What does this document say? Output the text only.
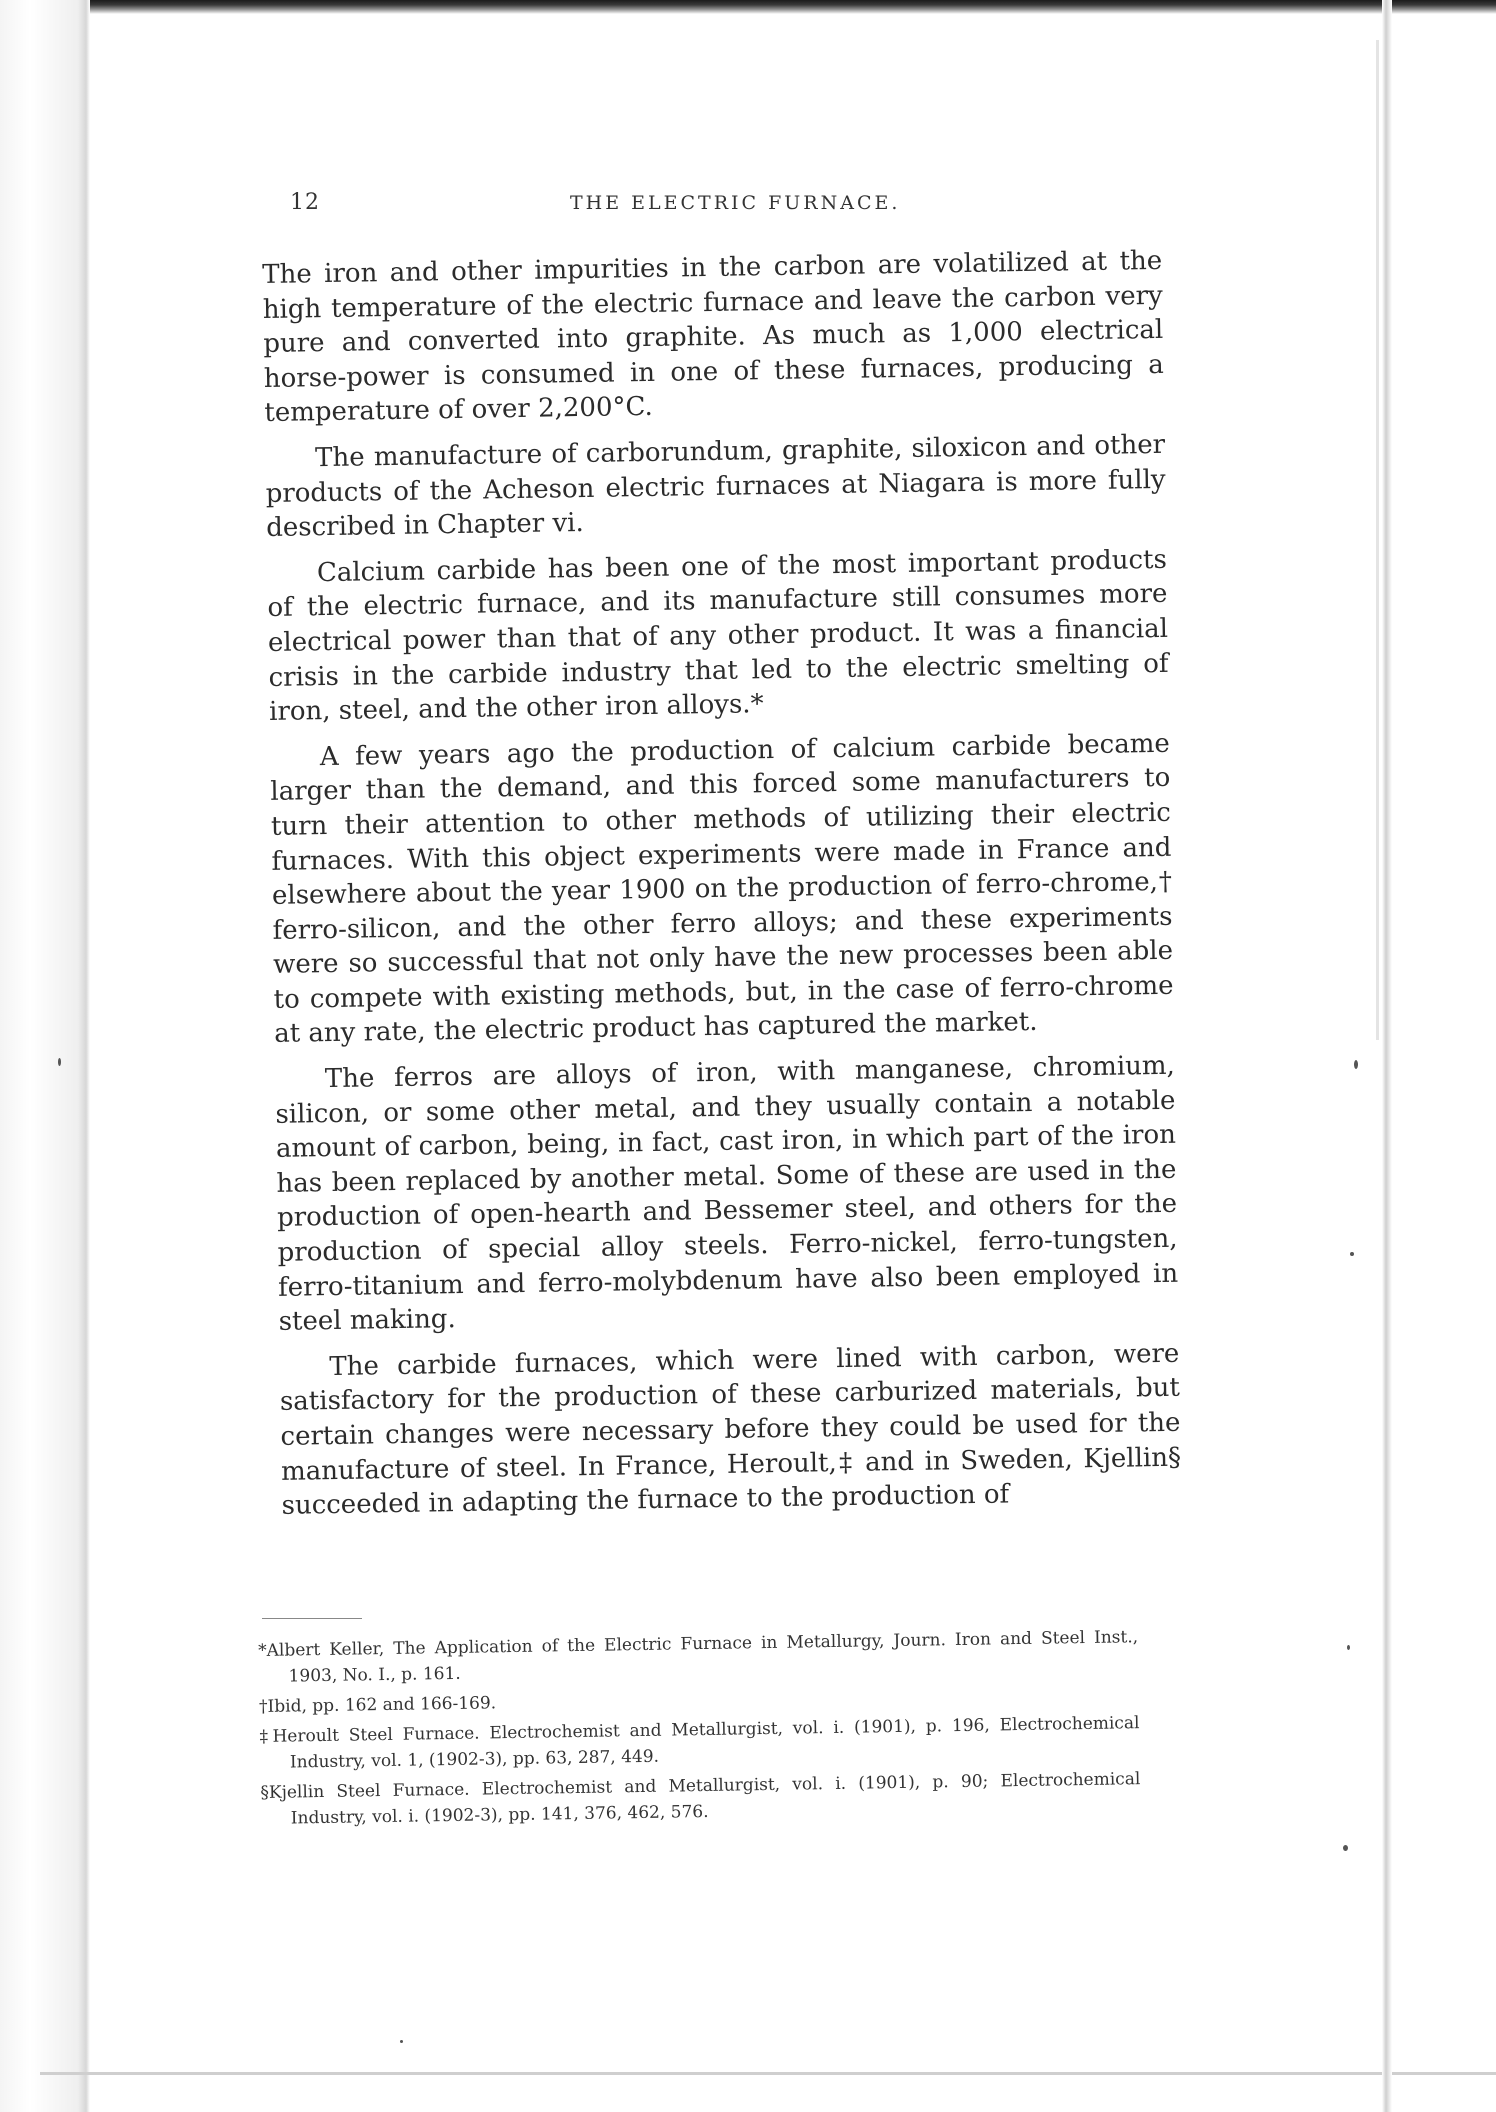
12	THE ELECTRIC FURNACE.

The iron and other impurities in the carbon are volatilized at the high temperature of the electric furnace and leave the carbon very pure and converted into graphite. As much as 1,000 electrical horse-power is consumed in one of these furnaces, producing a temperature of over 2,200°C.

The manufacture of carborundum, graphite, siloxicon and other products of the Acheson electric furnaces at Niagara is more fully described in Chapter vi.

Calcium carbide has been one of the most important products of the electric furnace, and its manufacture still consumes more electrical power than that of any other product. It was a financial crisis in the carbide industry that led to the electric smelting of iron, steel, and the other iron alloys.*

A few years ago the production of calcium carbide became larger than the demand, and this forced some manufacturers to turn their attention to other methods of utilizing their electric furnaces. With this object experiments were made in France and elsewhere about the year 1900 on the production of ferro-chrome,† ferro-silicon, and the other ferro alloys; and these experiments were so successful that not only have the new processes been able to compete with existing methods, but, in the case of ferro-chrome at any rate, the electric product has captured the market.

The ferros are alloys of iron, with manganese, chromium, silicon, or some other metal, and they usually contain a notable amount of carbon, being, in fact, cast iron, in which part of the iron has been replaced by another metal. Some of these are used in the production of open-hearth and Bessemer steel, and others for the production of special alloy steels. Ferro-nickel, ferro-tungsten, ferro-titanium and ferro-molybdenum have also been employed in steel making.

The carbide furnaces, which were lined with carbon, were satisfactory for the production of these carburized materials, but certain changes were necessary before they could be used for the manufacture of steel. In France, Heroult,‡ and in Sweden, Kjellin§ succeeded in adapting the furnace to the production of

*Albert Keller, The Application of the Electric Furnace in Metallurgy, Journ. Iron and Steel Inst., 1903, No. I., p. 161.

†Ibid, pp. 162 and 166-169.

‡Heroult Steel Furnace. Electrochemist and Metallurgist, vol. i. (1901), p. 196, Electrochemical Industry, vol. 1, (1902-3), pp. 63, 287, 449.

§Kjellin Steel Furnace. Electrochemist and Metallurgist, vol. i. (1901), p. 90; Electrochemical Industry, vol. i. (1902-3), pp. 141, 376, 462, 576.
